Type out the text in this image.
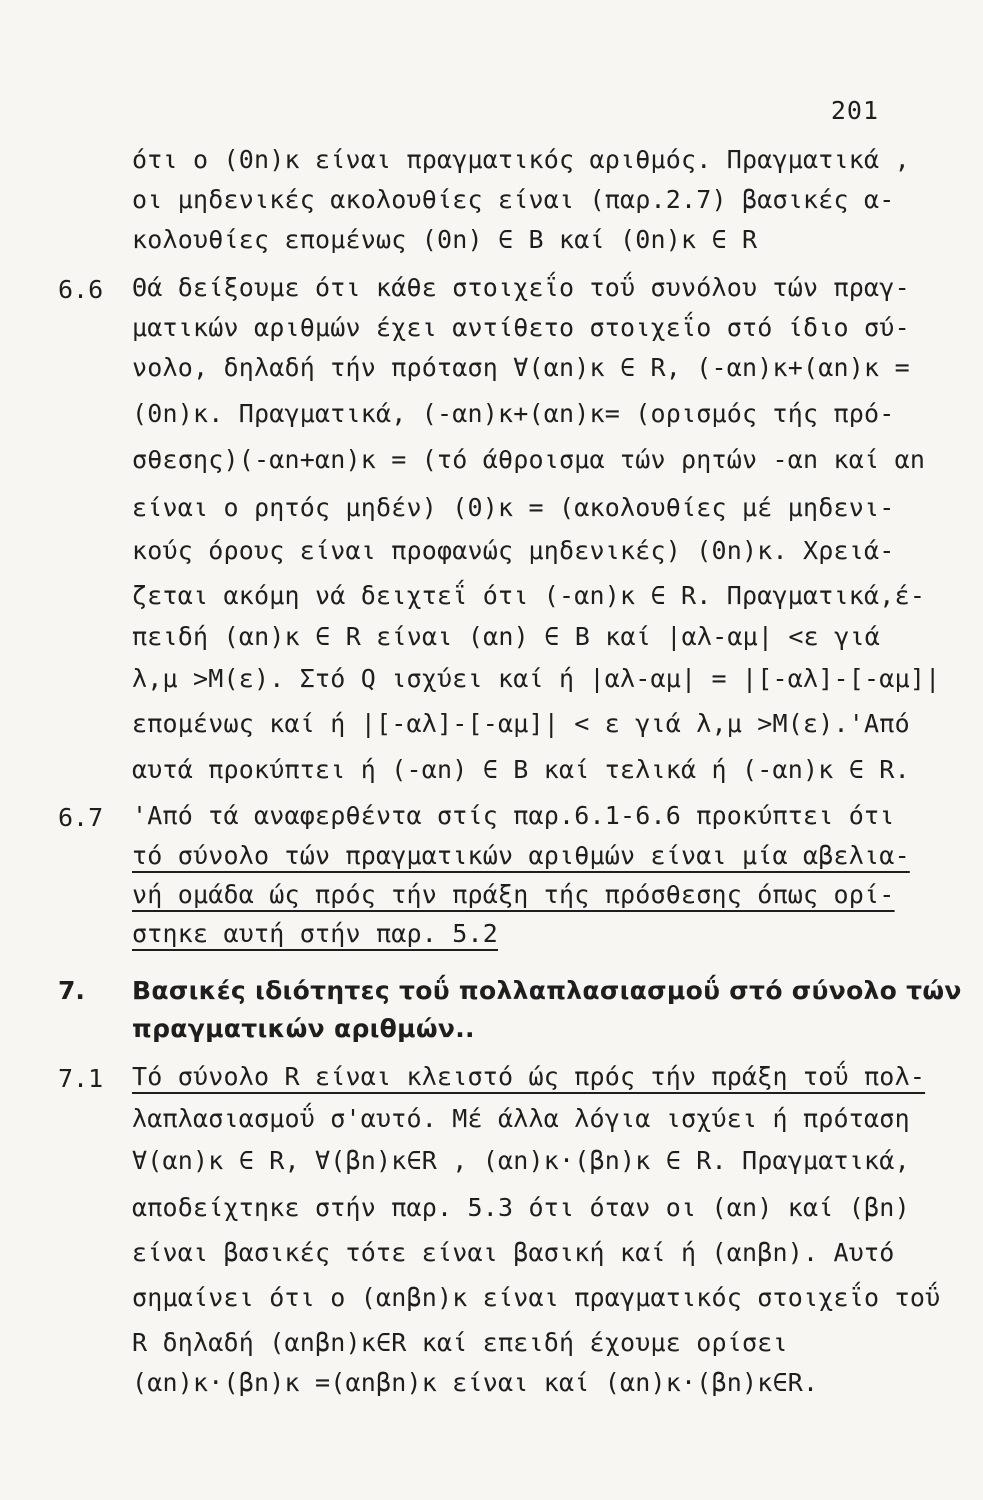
201
ότι ο (0n)κ είναι πραγματικός αριθμός. Πραγματικά ,
οι μηδενικές ακολουθίες είναι (παρ.2.7) βασικές α-
κολουθίες επομένως (0n) ∈ B καί (0n)κ ∈ R
6.6 Θά δείξουμε ότι κάθε στοιχεΐο τοΰ συνόλου τών πραγ-
ματικών αριθμών έχει αντίθετο στοιχεΐο στό ίδιο σύ-
νολο, δηλαδή τήν πρόταση ∀(αn)κ ∈ R, (-αn)κ+(αn)κ =
(0n)κ. Πραγματικά, (-αn)κ+(αn)κ= (ορισμός τής πρό-
σθεσης)(-αn+αn)κ = (τό άθροισμα τών ρητών -αn καί αn
είναι ο ρητός μηδέν) (0)κ = (ακολουθίες μέ μηδενι-
κούς όρους είναι προφανώς μηδενικές) (0n)κ. Χρειά-
ζεται ακόμη νά δειχτεΐ ότι (-αn)κ ∈ R. Πραγματικά,έ-
πειδή (αn)κ ∈ R είναι (αn) ∈ B καί |αλ-αμ| <ε γιά
λ,μ >M(ε). Στό Q ισχύει καί ή |αλ-αμ| = |[-αλ]-[-αμ]|
επομένως καί ή |[-αλ]-[-αμ]| < ε γιά λ,μ >M(ε).'Από
αυτά προκύπτει ή (-αn) ∈ B καί τελικά ή (-αn)κ ∈ R.
6.7 'Από τά αναφερθέντα στίς παρ.6.1-6.6 προκύπτει ότι
τό σύνολο τών πραγματικών αριθμών είναι μία αβελια-
νή ομάδα ώς πρός τήν πράξη τής πρόσθεσης όπως ορί-
στηκε αυτή στήν παρ. 5.2
7. Βασικές ιδιότητες τοΰ πολλαπλασιασμοΰ στό σύνολο τών
πραγματικών αριθμών..
7.1 Τό σύνολο R είναι κλειστό ώς πρός τήν πράξη τοΰ πολ-
λαπλασιασμοΰ σ'αυτό. Μέ άλλα λόγια ισχύει ή πρόταση
∀(αn)κ ∈ R, ∀(βn)κ∈R , (αn)κ·(βn)κ ∈ R. Πραγματικά,
αποδείχτηκε στήν παρ. 5.3 ότι όταν οι (αn) καί (βn)
είναι βασικές τότε είναι βασική καί ή (αnβn). Αυτό
σημαίνει ότι ο (αnβn)κ είναι πραγματικός στοιχεΐο τοΰ
R δηλαδή (αnβn)κ∈R καί επειδή έχουμε ορίσει
(αn)κ·(βn)κ =(αnβn)κ είναι καί (αn)κ·(βn)κ∈R.
